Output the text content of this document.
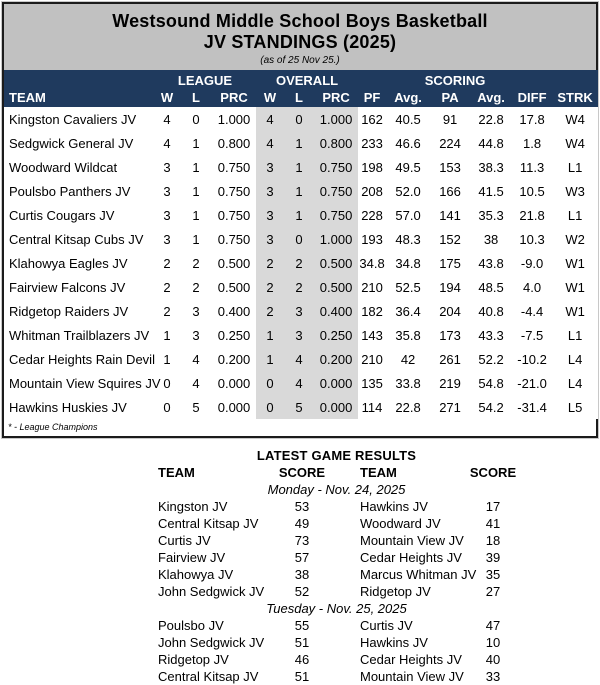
Westsound Middle School Boys Basketball
JV STANDINGS (2025)
(as of 25 Nov 25.)
	LEAGUE			OVERALL			SCORING					
TEAM	W	L	PRC	W	L	PRC	PF	Avg.	PA	Avg.	DIFF	STRK
Kingston Cavaliers JV	4	0	1.000	4	0	1.000	162	40.5	91	22.8	17.8	W4
Sedgwick General JV	4	1	0.800	4	1	0.800	233	46.6	224	44.8	1.8	W4
Woodward Wildcat	3	1	0.750	3	1	0.750	198	49.5	153	38.3	11.3	L1
Poulsbo Panthers JV	3	1	0.750	3	1	0.750	208	52.0	166	41.5	10.5	W3
Curtis Cougars JV	3	1	0.750	3	1	0.750	228	57.0	141	35.3	21.8	L1
Central Kitsap Cubs JV	3	1	0.750	3	0	1.000	193	48.3	152	38	10.3	W2
Klahowya Eagles JV	2	2	0.500	2	2	0.500	34.8	34.8	175	43.8	-9.0	W1
Fairview Falcons JV	2	2	0.500	2	2	0.500	210	52.5	194	48.5	4.0	W1
Ridgetop Raiders JV	2	3	0.400	2	3	0.400	182	36.4	204	40.8	-4.4	W1
Whitman Trailblazers JV	1	3	0.250	1	3	0.250	143	35.8	173	43.3	-7.5	L1
Cedar Heights Rain Devil	1	4	0.200	1	4	0.200	210	42	261	52.2	-10.2	L4
Mountain View Squires JV	0	4	0.000	0	4	0.000	135	33.8	219	54.8	-21.0	L4
Hawkins Huskies JV	0	5	0.000	0	5	0.000	114	22.8	271	54.2	-31.4	L5
* - League Champions
LATEST GAME RESULTS			
TEAM	SCORE	TEAM	SCORE
Monday - Nov. 24, 2025			
Kingston JV	53	Hawkins JV	17
Central Kitsap JV	49	Woodward JV	41
Curtis JV	73	Mountain View JV	18
Fairview JV	57	Cedar Heights JV	39
Klahowya JV	38	Marcus Whitman JV	35
John Sedgwick JV	52	Ridgetop JV	27
Tuesday - Nov. 25, 2025			
Poulsbo JV	55	Curtis JV	47
John Sedgwick JV	51	Hawkins JV	10
Ridgetop JV	46	Cedar Heights JV	40
Central Kitsap JV	51	Mountain View JV	33
